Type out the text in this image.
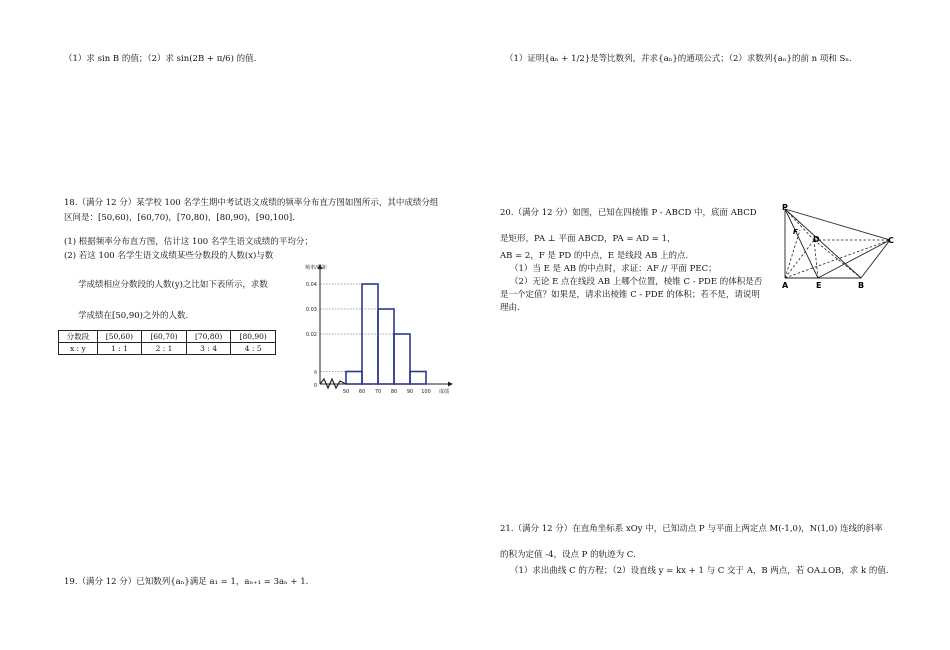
（1）求 sin B 的值；（2）求 sin(2B + π/6) 的值.
18.（满分 12 分）某学校 100 名学生期中考试语文成绩的频率分布直方图如图所示，其中成绩分组
区间是：[50,60)，[60,70)，[70,80)，[80,90)，[90,100].
(1) 根据频率分布直方图，估计这 100 名学生语文成绩的平均分；
(2) 若这 100 名学生语文成绩某些分数段的人数(x)与数
学成绩相应分数段的人数(y)之比如下表所示，求数
学成绩在[50,90)之外的人数.
分数段	[50,60)	[60,70)	[70,80)	[80,90)
x : y	1 : 1	2 : 1	3 : 4	4 : 5
0.04
0.03
0.02
a
0
50 60 70 80 90 100
频率/组距
成绩
19.（满分 12 分）已知数列{aₙ}满足 a₁ = 1，aₙ₊₁ = 3aₙ + 1.
（1）证明{aₙ + 1/2}是等比数列，并求{aₙ}的通项公式；（2）求数列{aₙ}的前 n 项和 Sₙ.
20.（满分 12 分）如图，已知在四棱锥 P - ABCD 中，底面 ABCD
是矩形，PA ⊥ 平面 ABCD，PA = AD = 1，
AB = 2，F 是 PD 的中点，E 是线段 AB 上的点.
（1）当 E 是 AB 的中点时，求证：AF // 平面 PEC；
（2）无论 E 点在线段 AB 上哪个位置，棱锥 C - PDE 的体积是否
是一个定值？如果是，请求出棱锥 C - PDE 的体积；若不是，请说明
理由.
P
F
D	C
A	E	B
21.（满分 12 分）在直角坐标系 xOy 中，已知动点 P 与平面上两定点 M(-1,0)，N(1,0) 连线的斜率
的积为定值 -4，设点 P 的轨迹为 C.
（1）求出曲线 C 的方程；（2）设直线 y = kx + 1 与 C 交于 A，B 两点，若 OA⊥OB，求 k 的值.
